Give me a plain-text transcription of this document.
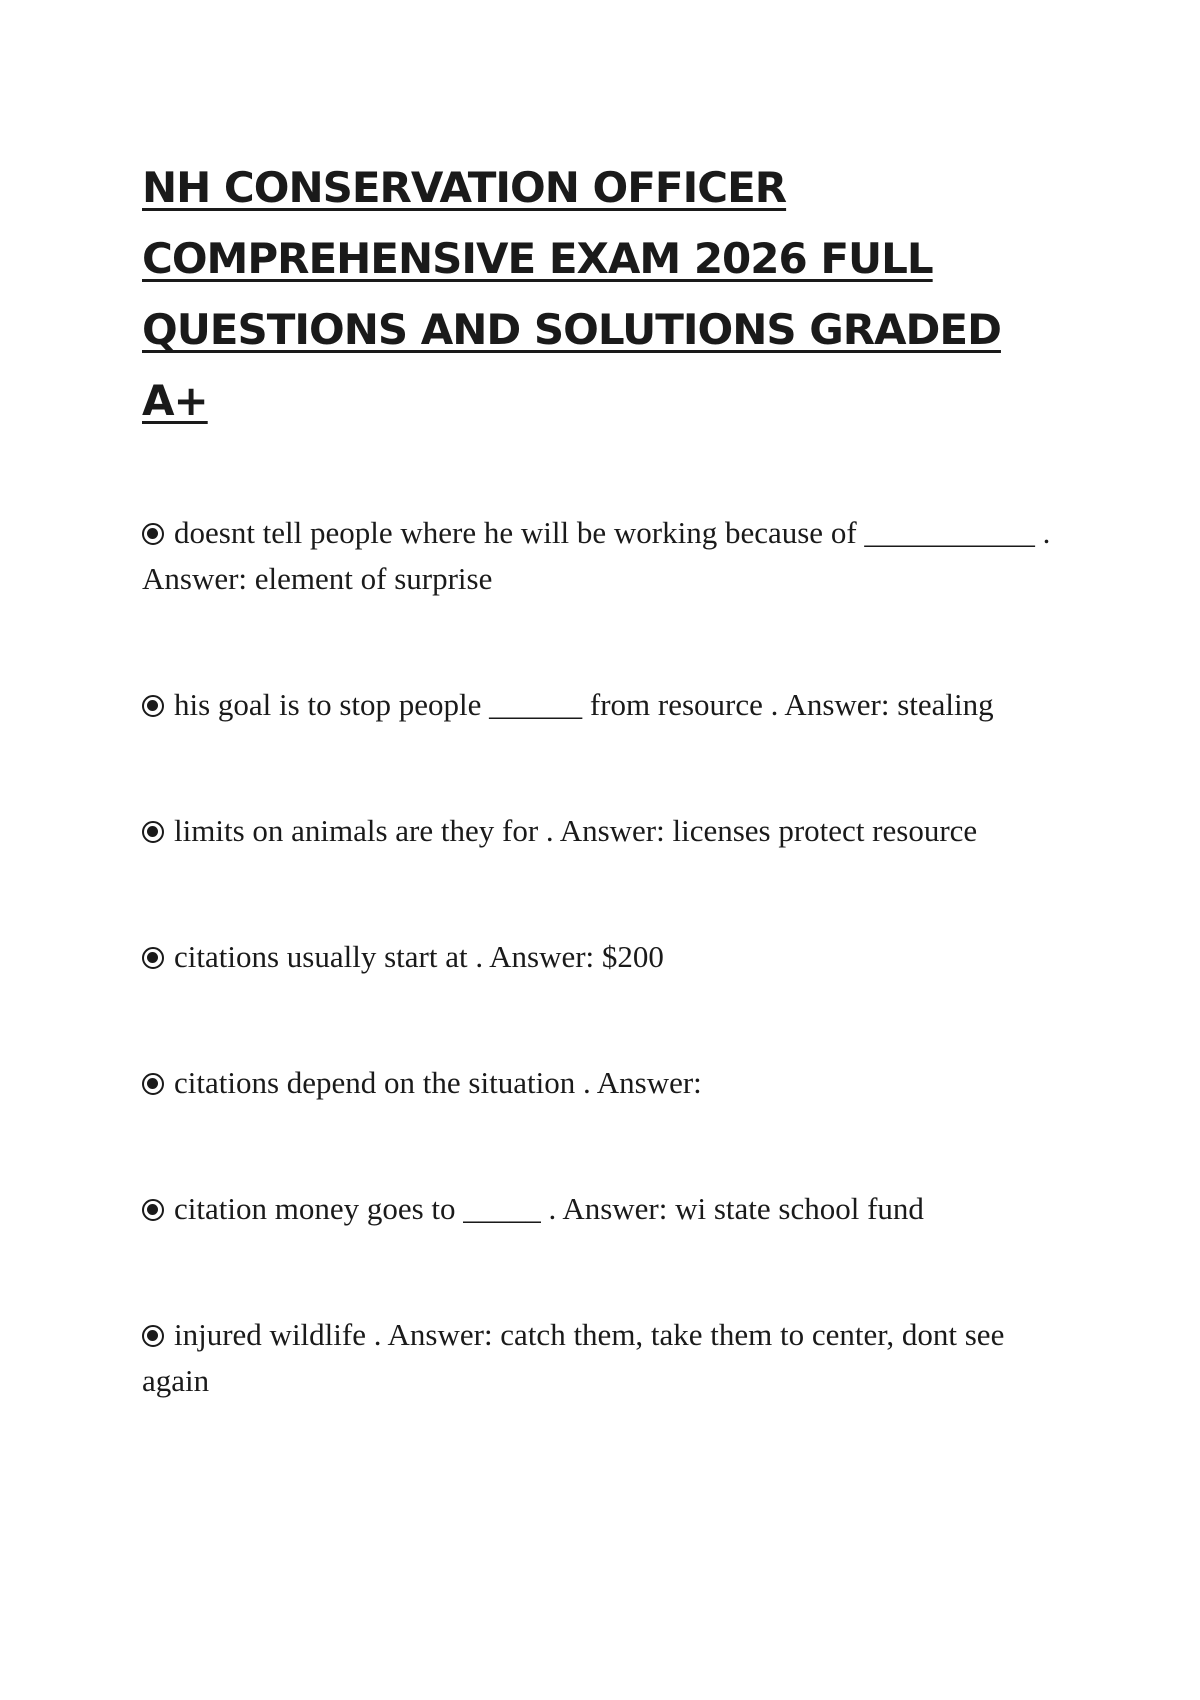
NH CONSERVATION OFFICER
COMPREHENSIVE EXAM 2026 FULL
QUESTIONS AND SOLUTIONS GRADED A+
doesnt tell people where he will be working because of ___________ . Answer: element of surprise
his goal is to stop people ______ from resource . Answer: stealing
limits on animals are they for . Answer: licenses protect resource
citations usually start at . Answer: $200
citations depend on the situation . Answer:
citation money goes to _____ . Answer: wi state school fund
injured wildlife . Answer: catch them, take them to center, dont see again
